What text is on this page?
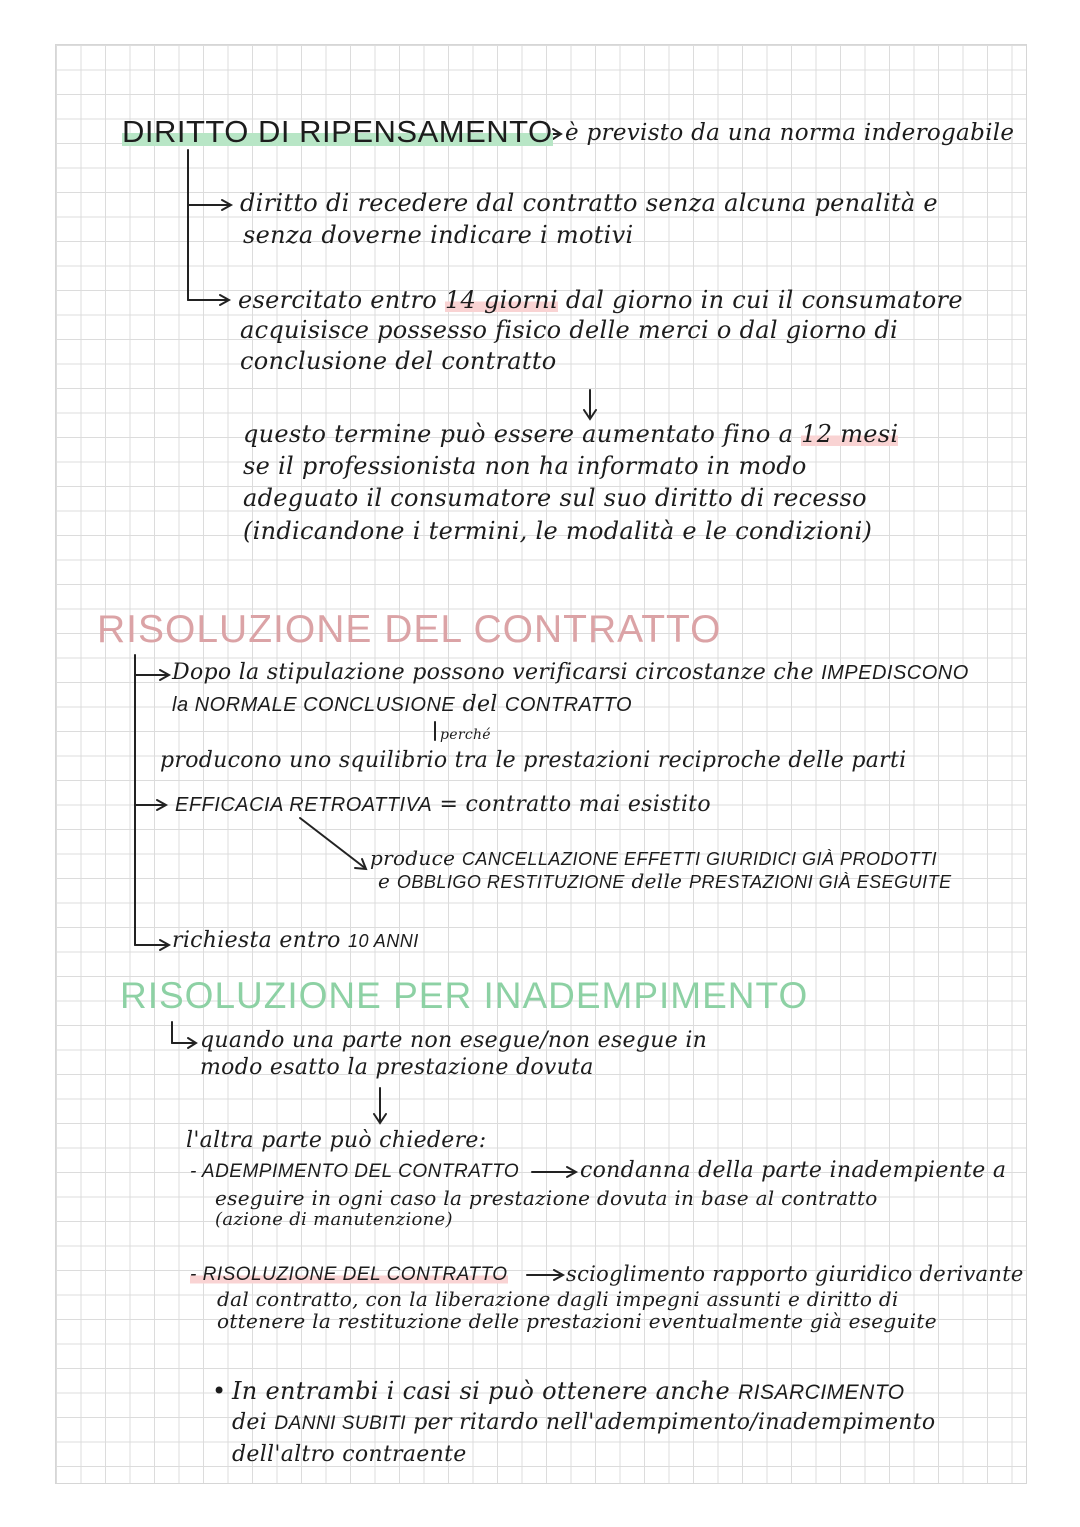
DIRITTO DI RIPENSAMENTO è previsto da una norma inderogabile
diritto di recedere dal contratto senza alcuna penalità e
senza doverne indicare i motivi
esercitato entro 14 giorni dal giorno in cui il consumatore
acquisisce possesso fisico delle merci o dal giorno di
conclusione del contratto
questo termine può essere aumentato fino a 12 mesi
se il professionista non ha informato in modo
adeguato il consumatore sul suo diritto di recesso
(indicandone i termini, le modalità e le condizioni)
RISOLUZIONE DEL CONTRATTO
Dopo la stipulazione possono verificarsi circostanze che IMPEDISCONO
la NORMALE CONCLUSIONE del CONTRATTO
perché
producono uno squilibrio tra le prestazioni reciproche delle parti
EFFICACIA RETROATTIVA = contratto mai esistito
produce CANCELLAZIONE EFFETTI GIURIDICI GIÀ PRODOTTI
e OBBLIGO RESTITUZIONE delle PRESTAZIONI GIÀ ESEGUITE
richiesta entro 10 ANNI
RISOLUZIONE PER INADEMPIMENTO
quando una parte non esegue/non esegue in
modo esatto la prestazione dovuta
l'altra parte può chiedere:
- ADEMPIMENTO DEL CONTRATTO	condanna della parte inadempiente a
eseguire in ogni caso la prestazione dovuta in base al contratto
(azione di manutenzione)
- RISOLUZIONE DEL CONTRATTO	scioglimento rapporto giuridico derivante
dal contratto, con la liberazione dagli impegni assunti e diritto di
ottenere la restituzione delle prestazioni eventualmente già eseguite
• In entrambi i casi si può ottenere anche RISARCIMENTO
dei DANNI SUBITI per ritardo nell'adempimento/inadempimento
dell'altro contraente
